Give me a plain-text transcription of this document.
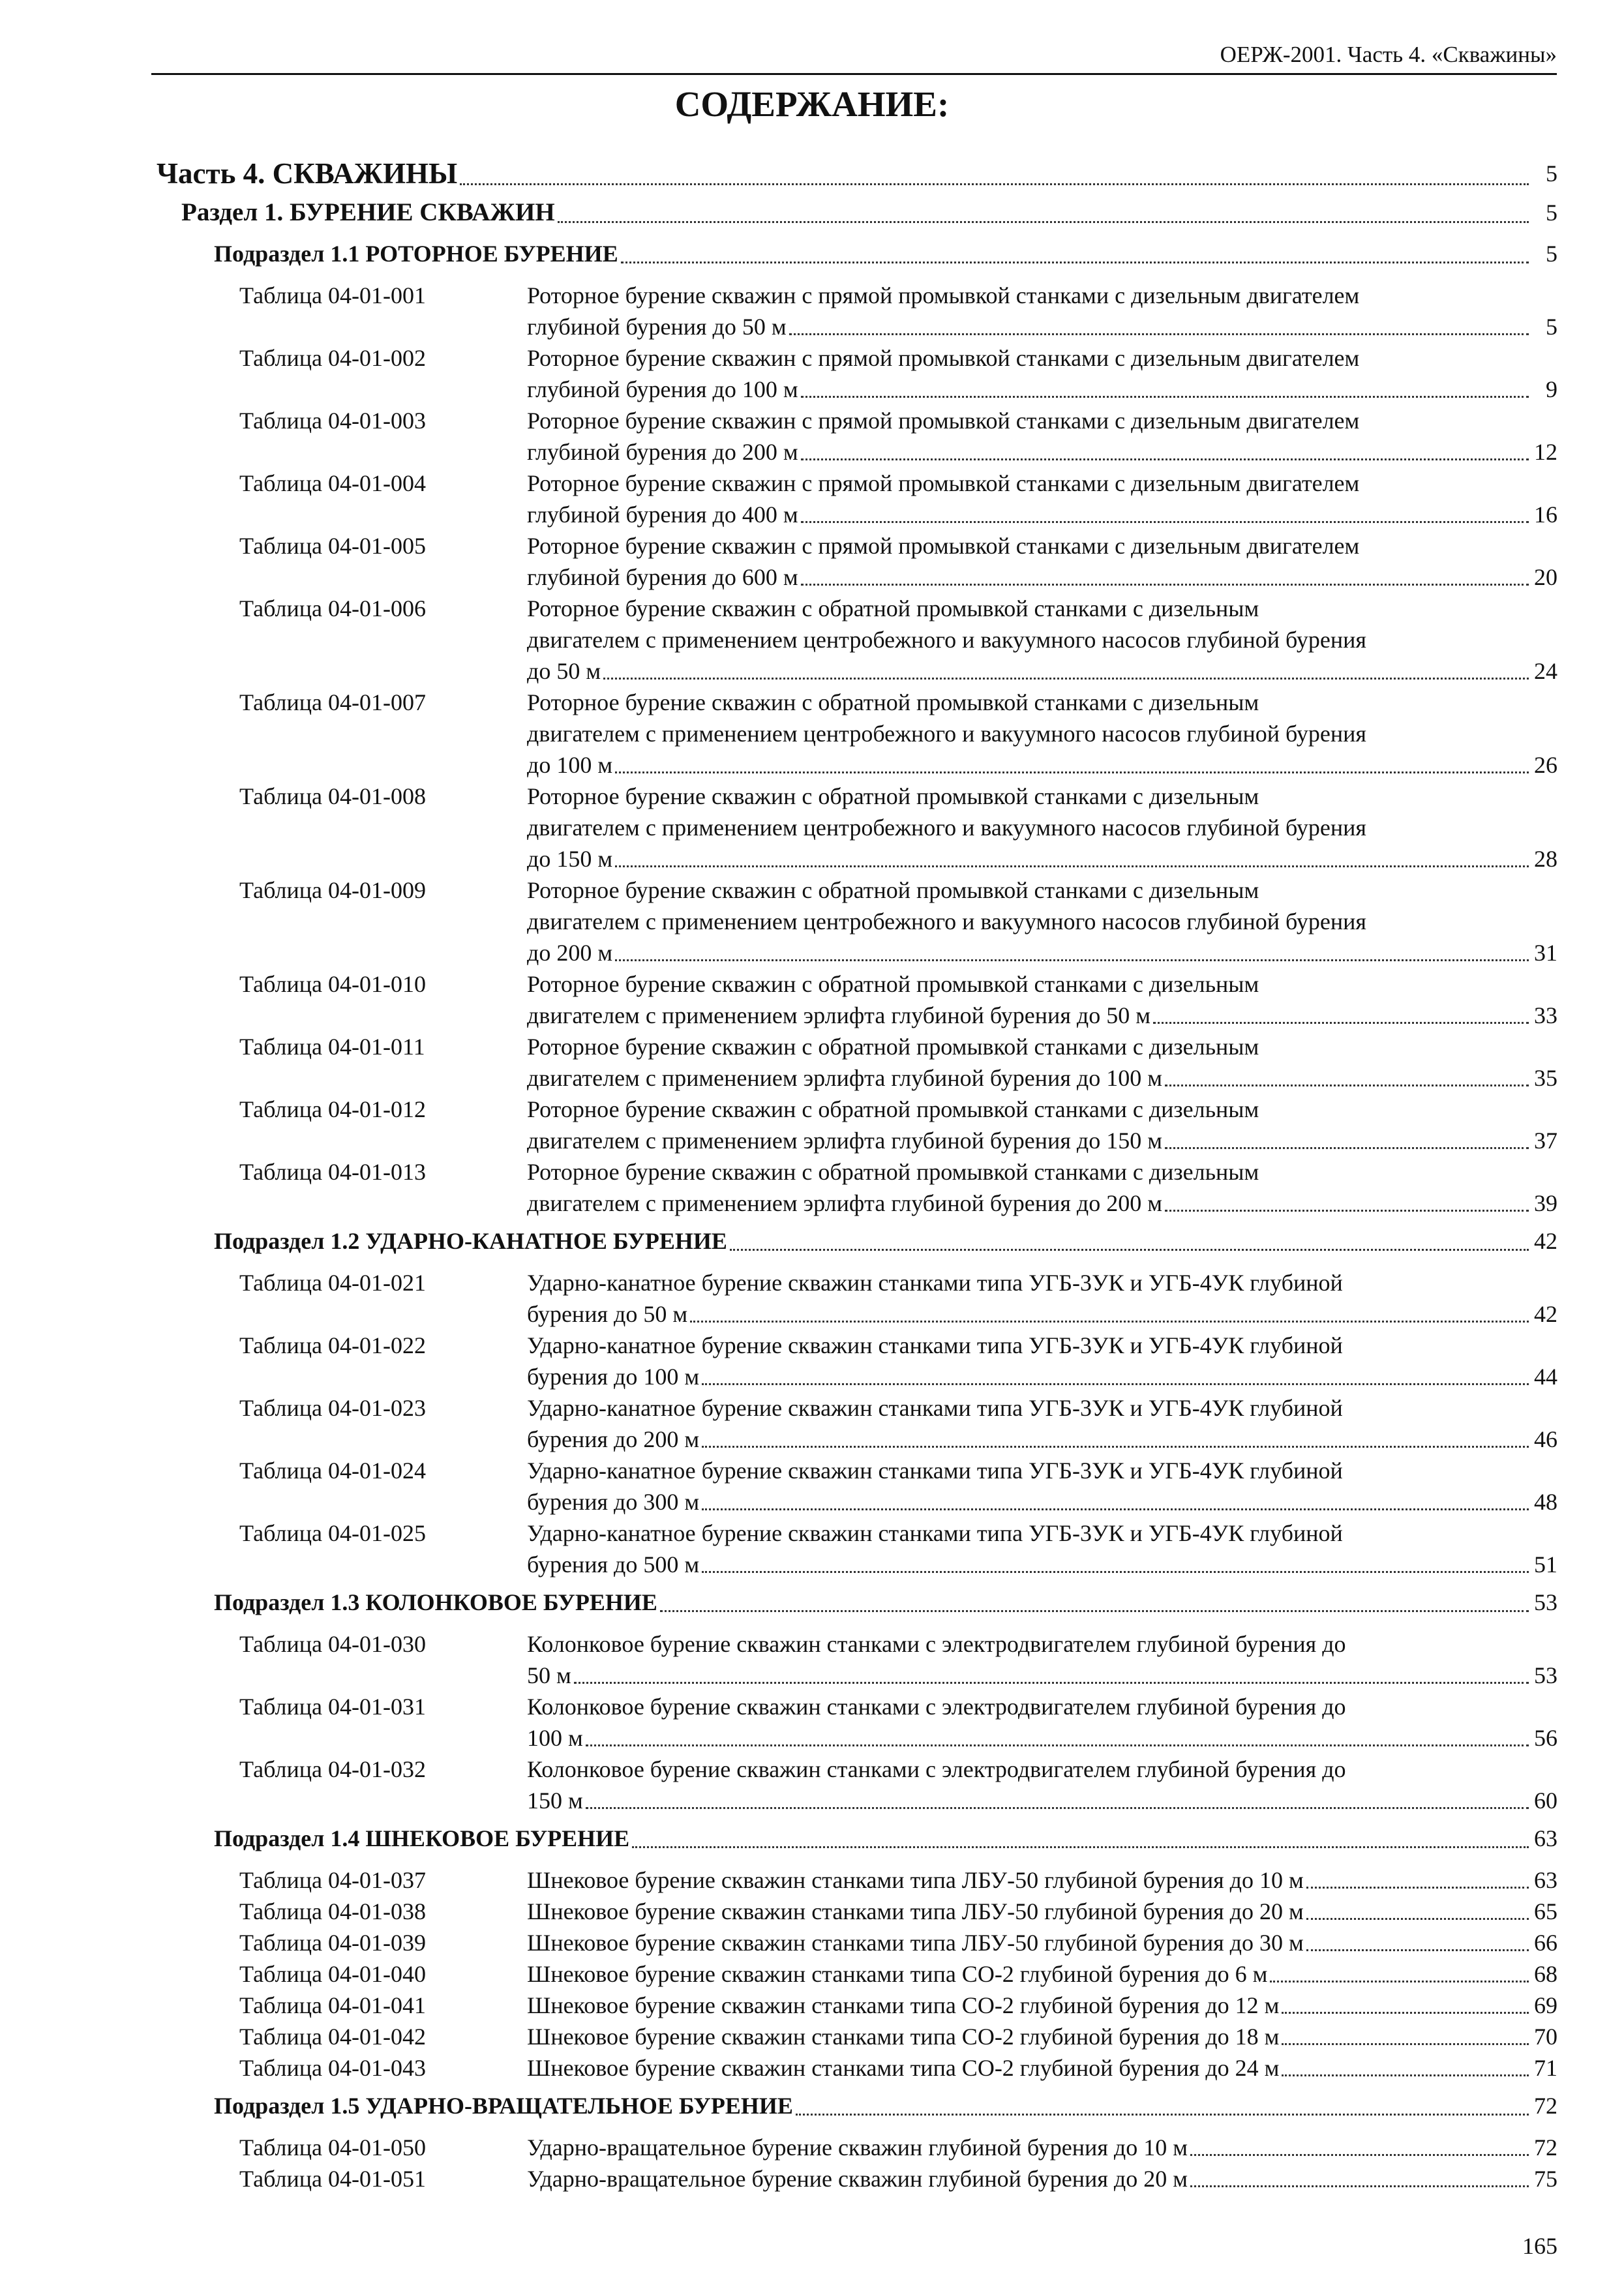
ОЕРЖ-2001. Часть 4. «Скважины»
СОДЕРЖАНИЕ:
Часть 4. СКВАЖИНЫ	5
Раздел 1. БУРЕНИЕ СКВАЖИН	5
Подраздел 1.1 РОТОРНОЕ БУРЕНИЕ	5
Таблица 04-01-001	Роторное бурение скважин с прямой промывкой станками с дизельным двигателем
глубиной бурения до 50 м	5
Таблица 04-01-002	Роторное бурение скважин с прямой промывкой станками с дизельным двигателем
глубиной бурения до 100 м	9
Таблица 04-01-003	Роторное бурение скважин с прямой промывкой станками с дизельным двигателем
глубиной бурения до 200 м	12
Таблица 04-01-004	Роторное бурение скважин с прямой промывкой станками с дизельным двигателем
глубиной бурения до 400 м	16
Таблица 04-01-005	Роторное бурение скважин с прямой промывкой станками с дизельным двигателем
глубиной бурения до 600 м	20
Таблица 04-01-006	Роторное бурение скважин с обратной промывкой станками с дизельным
двигателем с применением центробежного и вакуумного насосов глубиной бурения
до 50 м	24
Таблица 04-01-007	Роторное бурение скважин с обратной промывкой станками с дизельным
двигателем с применением центробежного и вакуумного насосов глубиной бурения
до 100 м	26
Таблица 04-01-008	Роторное бурение скважин с обратной промывкой станками с дизельным
двигателем с применением центробежного и вакуумного насосов глубиной бурения
до 150 м	28
Таблица 04-01-009	Роторное бурение скважин с обратной промывкой станками с дизельным
двигателем с применением центробежного и вакуумного насосов глубиной бурения
до 200 м	31
Таблица 04-01-010	Роторное бурение скважин с обратной промывкой станками с дизельным
двигателем с применением эрлифта глубиной бурения до 50 м	33
Таблица 04-01-011	Роторное бурение скважин с обратной промывкой станками с дизельным
двигателем с применением эрлифта глубиной бурения до 100 м	35
Таблица 04-01-012	Роторное бурение скважин с обратной промывкой станками с дизельным
двигателем с применением эрлифта глубиной бурения до 150 м	37
Таблица 04-01-013	Роторное бурение скважин с обратной промывкой станками с дизельным
двигателем с применением эрлифта глубиной бурения до 200 м	39
Подраздел 1.2 УДАРНО-КАНАТНОЕ БУРЕНИЕ	42
Таблица 04-01-021	Ударно-канатное бурение скважин станками типа УГБ-3УК и УГБ-4УК глубиной
бурения до 50 м	42
Таблица 04-01-022	Ударно-канатное бурение скважин станками типа УГБ-3УК и УГБ-4УК глубиной
бурения до 100 м	44
Таблица 04-01-023	Ударно-канатное бурение скважин станками типа УГБ-3УК и УГБ-4УК глубиной
бурения до 200 м	46
Таблица 04-01-024	Ударно-канатное бурение скважин станками типа УГБ-3УК и УГБ-4УК глубиной
бурения до 300 м	48
Таблица 04-01-025	Ударно-канатное бурение скважин станками типа УГБ-3УК и УГБ-4УК глубиной
бурения до 500 м	51
Подраздел 1.3 КОЛОНКОВОЕ БУРЕНИЕ	53
Таблица 04-01-030	Колонковое бурение скважин станками с электродвигателем глубиной бурения до
50 м	53
Таблица 04-01-031	Колонковое бурение скважин станками с электродвигателем глубиной бурения до
100 м	56
Таблица 04-01-032	Колонковое бурение скважин станками с электродвигателем глубиной бурения до
150 м	60
Подраздел 1.4 ШНЕКОВОЕ БУРЕНИЕ	63
Таблица 04-01-037	Шнековое бурение скважин станками типа ЛБУ-50 глубиной бурения до 10 м	63
Таблица 04-01-038	Шнековое бурение скважин станками типа ЛБУ-50 глубиной бурения до 20 м	65
Таблица 04-01-039	Шнековое бурение скважин станками типа ЛБУ-50 глубиной бурения до 30 м	66
Таблица 04-01-040	Шнековое бурение скважин станками типа СО-2 глубиной бурения до 6 м	68
Таблица 04-01-041	Шнековое бурение скважин станками типа СО-2 глубиной бурения до 12 м	69
Таблица 04-01-042	Шнековое бурение скважин станками типа СО-2 глубиной бурения до 18 м	70
Таблица 04-01-043	Шнековое бурение скважин станками типа СО-2 глубиной бурения до 24 м	71
Подраздел 1.5 УДАРНО-ВРАЩАТЕЛЬНОЕ БУРЕНИЕ	72
Таблица 04-01-050	Ударно-вращательное бурение скважин глубиной бурения до 10 м	72
Таблица 04-01-051	Ударно-вращательное бурение скважин глубиной бурения до 20 м	75
165
